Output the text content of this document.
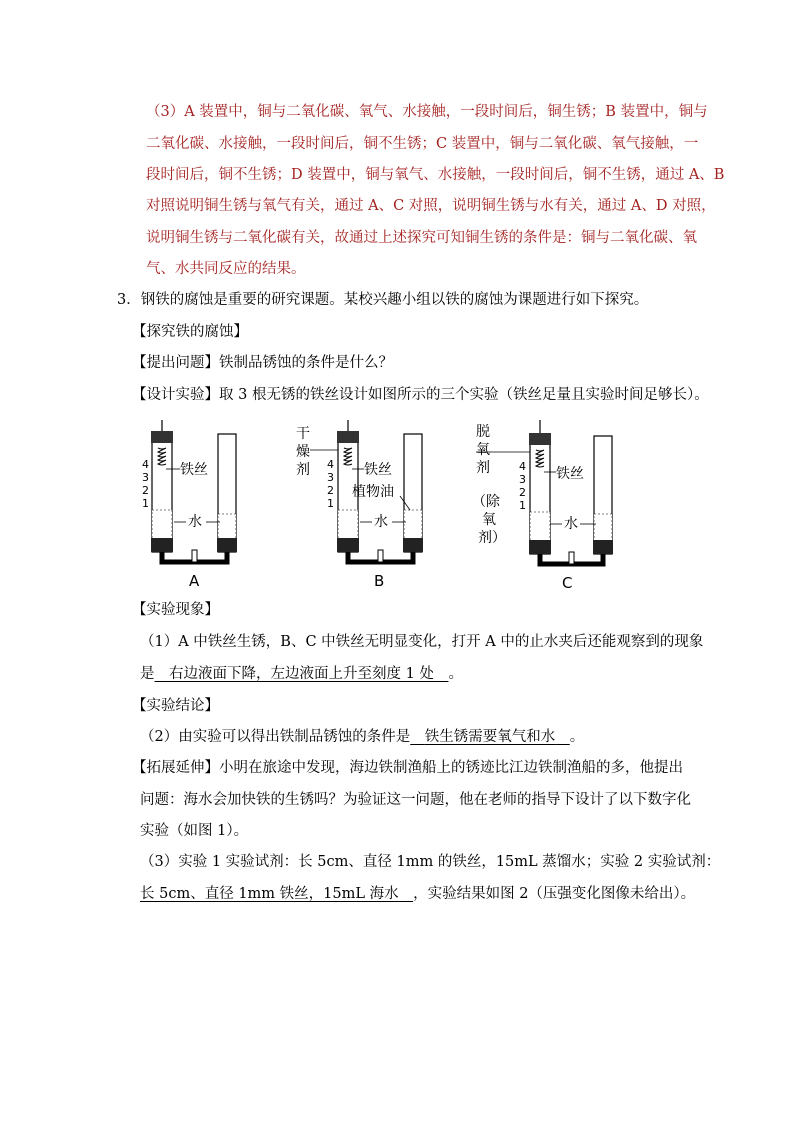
（3）A 装置中，铜与二氧化碳、氧气、水接触，一段时间后，铜生锈；B 装置中，铜与
二氧化碳、水接触，一段时间后，铜不生锈；C 装置中，铜与二氧化碳、氧气接触，一
段时间后，铜不生锈；D 装置中，铜与氧气、水接触，一段时间后，铜不生锈，通过 A、B
对照说明铜生锈与氧气有关，通过 A、C 对照，说明铜生锈与水有关，通过 A、D 对照，
说明铜生锈与二氧化碳有关，故通过上述探究可知铜生锈的条件是：铜与二氧化碳、氧
气、水共同反应的结果。
3．钢铁的腐蚀是重要的研究课题。某校兴趣小组以铁的腐蚀为课题进行如下探究。
【探究铁的腐蚀】
【提出问题】铁制品锈蚀的条件是什么？
【设计实验】取 3 根无锈的铁丝设计如图所示的三个实验（铁丝足量且实验时间足够长）。
4
3
2
1
铁丝
水
A
干
燥
剂 4
3
2
1
铁丝
植物油
水
B
脱
氧
剂
（除
氧
剂）
4
3
2
1
铁丝
水
C
【实验现象】
（1）A 中铁丝生锈，B、C 中铁丝无明显变化，打开 A 中的止水夹后还能观察到的现象
是  右边液面下降，左边液面上升至刻度 1 处  。
【实验结论】
（2）由实验可以得出铁制品锈蚀的条件是  铁生锈需要氧气和水  。
【拓展延伸】小明在旅途中发现，海边铁制渔船上的锈迹比江边铁制渔船的多，他提出
问题：海水会加快铁的生锈吗？为验证这一问题，他在老师的指导下设计了以下数字化
实验（如图 1）。
（3）实验 1 实验试剂：长 5cm、直径 1mm 的铁丝，15mL 蒸馏水；实验 2 实验试剂：
长 5cm、直径 1mm 铁丝，15mL 海水  ，实验结果如图 2（压强变化图像未给出）。
